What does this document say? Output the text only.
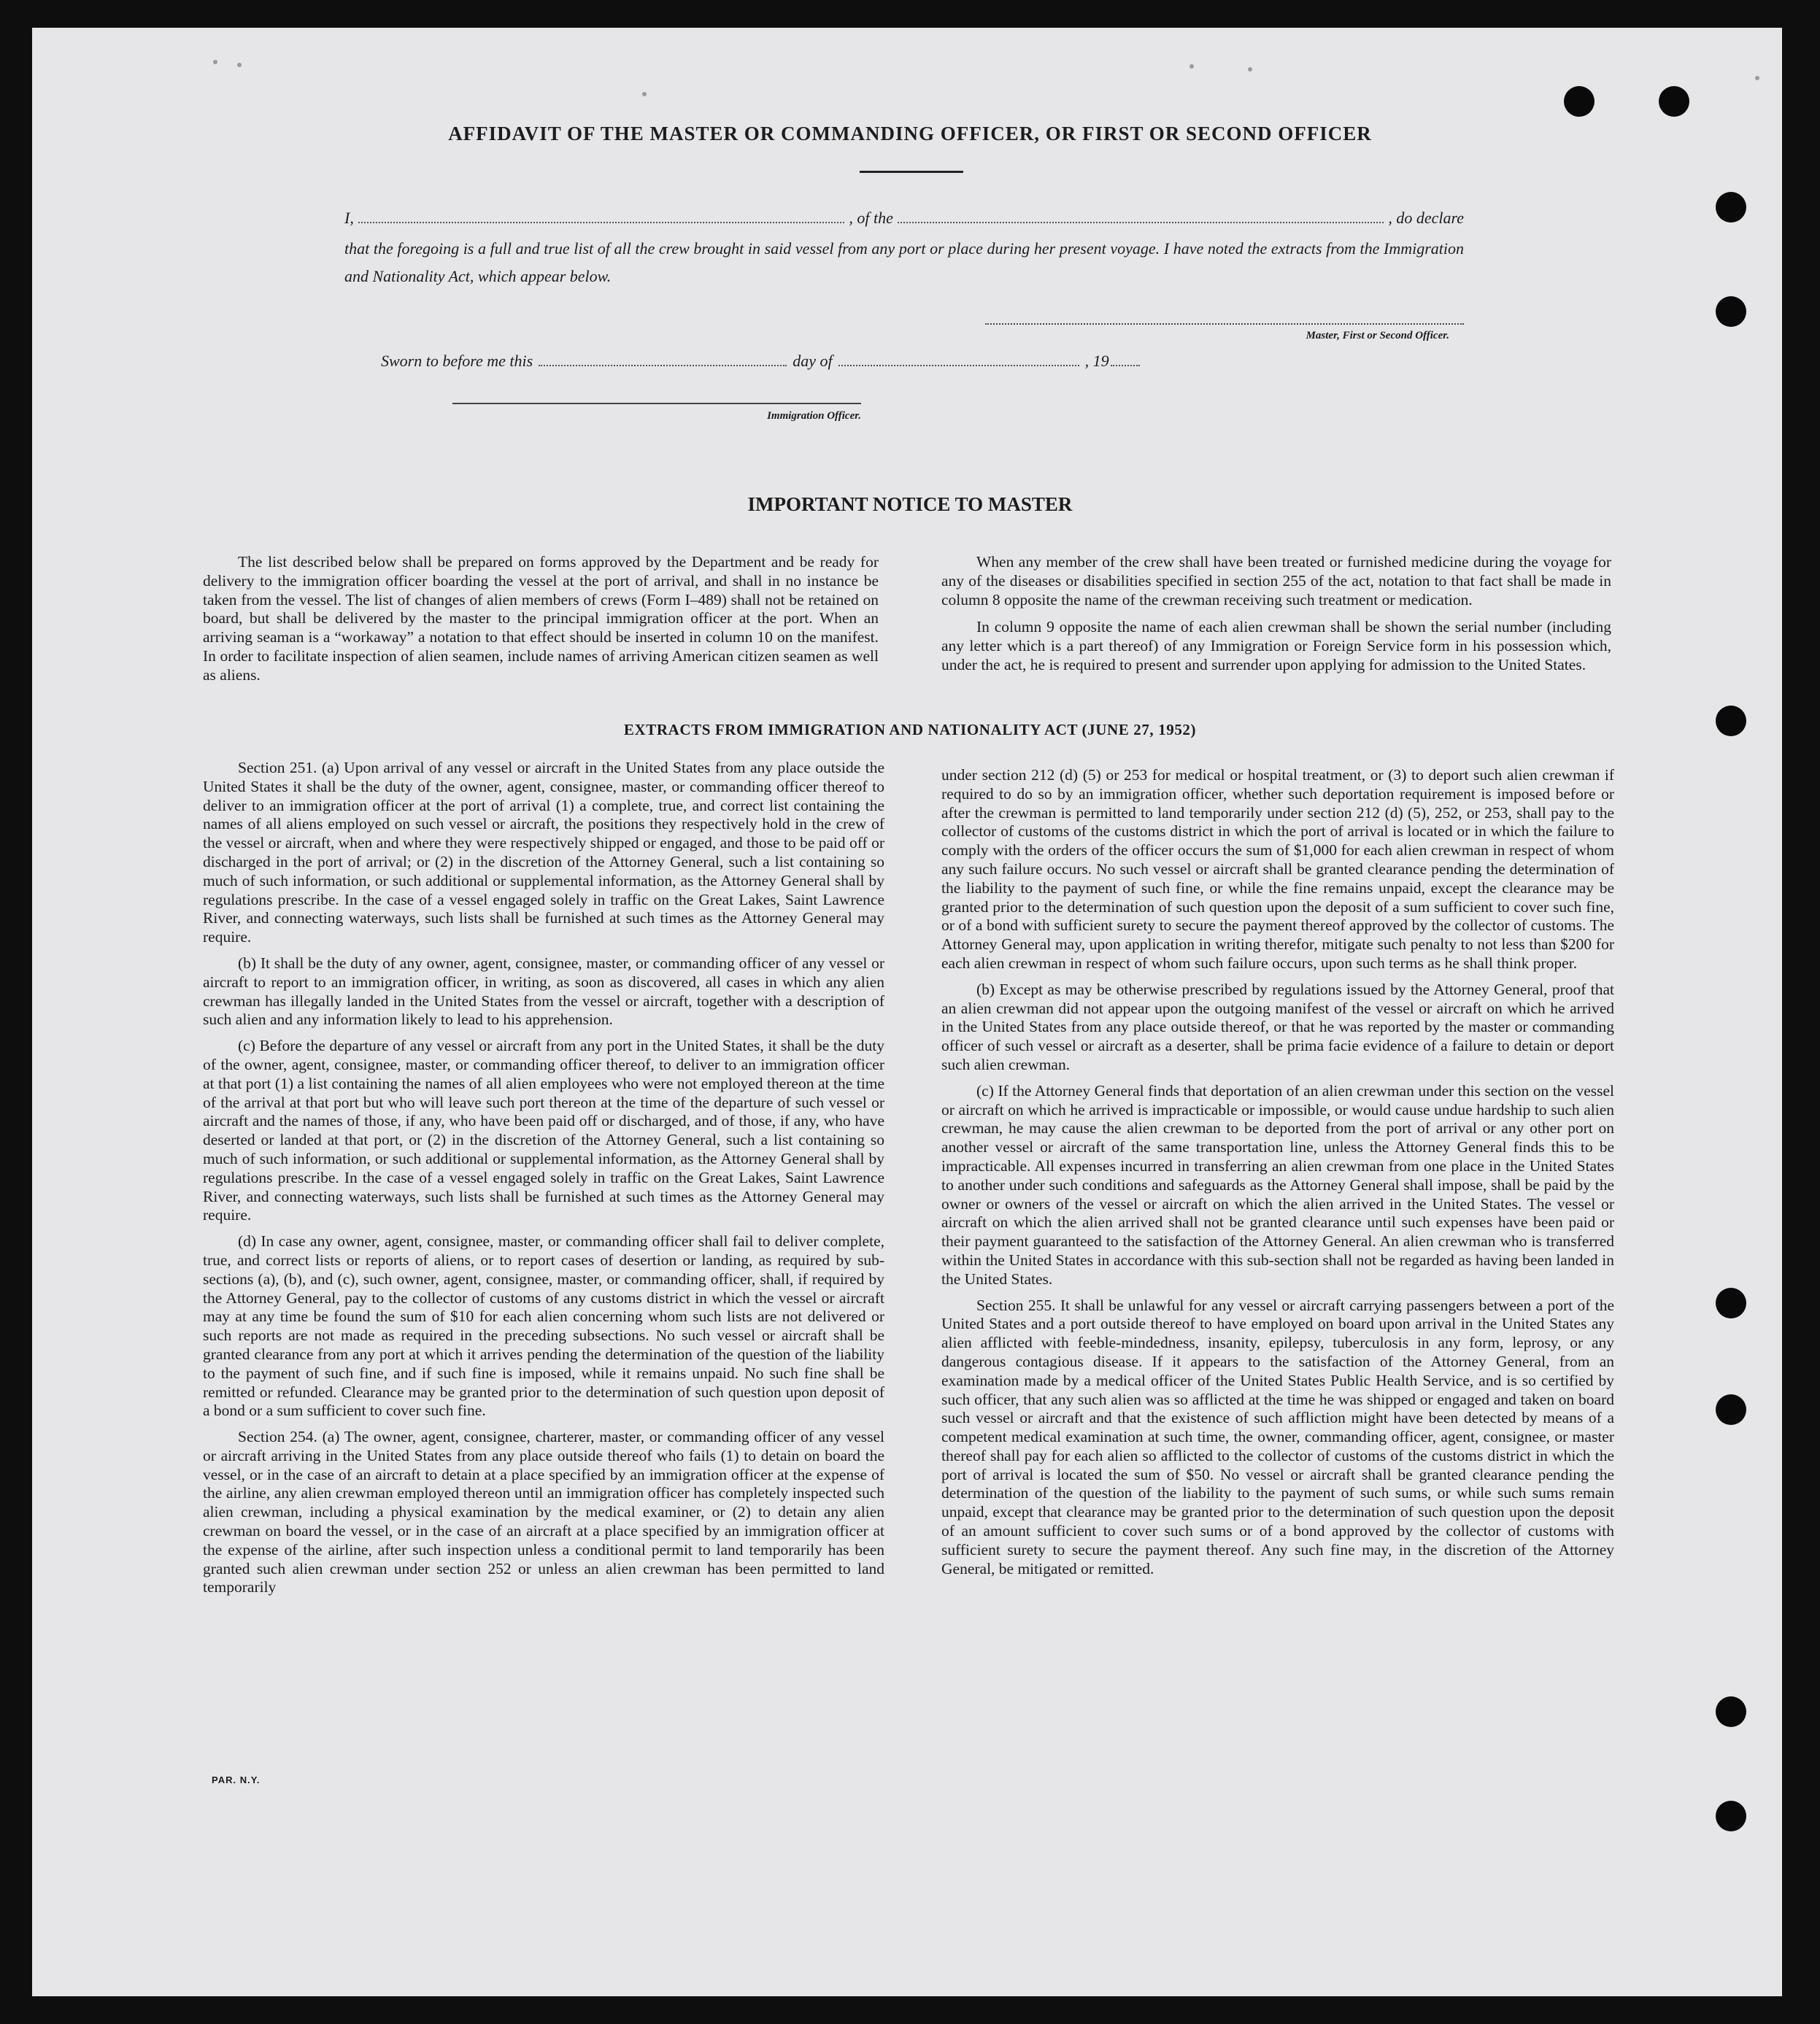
AFFIDAVIT OF THE MASTER OR COMMANDING OFFICER, OR FIRST OR SECOND OFFICER
I,	, of the	, do declare
that the foregoing is a full and true list of all the crew brought in said vessel from any port or place during her present voyage. I have noted the extracts from the Immigration and Nationality Act, which appear below.
Master, First or Second Officer.
Sworn to before me this	day of	, 19
Immigration Officer.
IMPORTANT NOTICE TO MASTER

The list described below shall be prepared on forms approved by the Department and be ready for delivery to the immigration officer boarding the vessel at the port of arrival, and shall in no instance be taken from the vessel. The list of changes of alien members of crews (Form I–489) shall not be retained on board, but shall be delivered by the master to the principal immigration officer at the port. When an arriving seaman is a “workaway” a notation to that effect should be inserted in column 10 on the manifest. In order to facilitate inspection of alien seamen, include names of arriving American citizen seamen as well as aliens.

When any member of the crew shall have been treated or furnished medicine during the voyage for any of the diseases or disabilities specified in section 255 of the act, notation to that fact shall be made in column 8 opposite the name of the crewman receiving such treatment or medication.

In column 9 opposite the name of each alien crewman shall be shown the serial number (including any letter which is a part thereof) of any Immigration or Foreign Service form in his possession which, under the act, he is required to present and surrender upon applying for admission to the United States.

EXTRACTS FROM IMMIGRATION AND NATIONALITY ACT (JUNE 27, 1952)

Section 251. (a) Upon arrival of any vessel or aircraft in the United States from any place outside the United States it shall be the duty of the owner, agent, consignee, master, or commanding officer thereof to deliver to an immigration officer at the port of arrival (1) a complete, true, and correct list containing the names of all aliens employed on such vessel or aircraft, the positions they respectively hold in the crew of the vessel or aircraft, when and where they were respectively shipped or engaged, and those to be paid off or discharged in the port of arrival; or (2) in the discretion of the Attorney General, such a list containing so much of such information, or such additional or supplemental information, as the Attorney General shall by regulations prescribe. In the case of a vessel engaged solely in traffic on the Great Lakes, Saint Lawrence River, and connecting waterways, such lists shall be furnished at such times as the Attorney General may require.

(b) It shall be the duty of any owner, agent, consignee, master, or commanding officer of any vessel or aircraft to report to an immigration officer, in writing, as soon as discovered, all cases in which any alien crewman has illegally landed in the United States from the vessel or aircraft, together with a description of such alien and any information likely to lead to his apprehension.

(c) Before the departure of any vessel or aircraft from any port in the United States, it shall be the duty of the owner, agent, consignee, master, or commanding officer thereof, to deliver to an immigration officer at that port (1) a list containing the names of all alien employees who were not employed thereon at the time of the arrival at that port but who will leave such port thereon at the time of the departure of such vessel or aircraft and the names of those, if any, who have been paid off or discharged, and of those, if any, who have deserted or landed at that port, or (2) in the discretion of the Attorney General, such a list containing so much of such information, or such additional or supplemental information, as the Attorney General shall by regulations prescribe. In the case of a vessel engaged solely in traffic on the Great Lakes, Saint Lawrence River, and connecting waterways, such lists shall be furnished at such times as the Attorney General may require.

(d) In case any owner, agent, consignee, master, or commanding officer shall fail to deliver complete, true, and correct lists or reports of aliens, or to report cases of desertion or landing, as required by sub-sections (a), (b), and (c), such owner, agent, consignee, master, or commanding officer, shall, if required by the Attorney General, pay to the collector of customs of any customs district in which the vessel or aircraft may at any time be found the sum of $10 for each alien concerning whom such lists are not delivered or such reports are not made as required in the preceding subsections. No such vessel or aircraft shall be granted clearance from any port at which it arrives pending the determination of the question of the liability to the payment of such fine, and if such fine is imposed, while it remains unpaid. No such fine shall be remitted or refunded. Clearance may be granted prior to the determination of such question upon deposit of a bond or a sum sufficient to cover such fine.

Section 254. (a) The owner, agent, consignee, charterer, master, or commanding officer of any vessel or aircraft arriving in the United States from any place outside thereof who fails (1) to detain on board the vessel, or in the case of an aircraft to detain at a place specified by an immigration officer at the expense of the airline, any alien crewman employed thereon until an immigration officer has completely inspected such alien crewman, including a physical examination by the medical examiner, or (2) to detain any alien crewman on board the vessel, or in the case of an aircraft at a place specified by an immigration officer at the expense of the airline, after such inspection unless a conditional permit to land temporarily has been granted such alien crewman under section 252 or unless an alien crewman has been permitted to land temporarily

under section 212 (d) (5) or 253 for medical or hospital treatment, or (3) to deport such alien crewman if required to do so by an immigration officer, whether such deportation requirement is imposed before or after the crewman is permitted to land temporarily under section 212 (d) (5), 252, or 253, shall pay to the collector of customs of the customs district in which the port of arrival is located or in which the failure to comply with the orders of the officer occurs the sum of $1,000 for each alien crewman in respect of whom any such failure occurs. No such vessel or aircraft shall be granted clearance pending the determination of the liability to the payment of such fine, or while the fine remains unpaid, except the clearance may be granted prior to the determination of such question upon the deposit of a sum sufficient to cover such fine, or of a bond with sufficient surety to secure the payment thereof approved by the collector of customs. The Attorney General may, upon application in writing therefor, mitigate such penalty to not less than $200 for each alien crewman in respect of whom such failure occurs, upon such terms as he shall think proper.

(b) Except as may be otherwise prescribed by regulations issued by the Attorney General, proof that an alien crewman did not appear upon the outgoing manifest of the vessel or aircraft on which he arrived in the United States from any place outside thereof, or that he was reported by the master or commanding officer of such vessel or aircraft as a deserter, shall be prima facie evidence of a failure to detain or deport such alien crewman.

(c) If the Attorney General finds that deportation of an alien crewman under this section on the vessel or aircraft on which he arrived is impracticable or impossible, or would cause undue hardship to such alien crewman, he may cause the alien crewman to be deported from the port of arrival or any other port on another vessel or aircraft of the same transportation line, unless the Attorney General finds this to be impracticable. All expenses incurred in transferring an alien crewman from one place in the United States to another under such conditions and safeguards as the Attorney General shall impose, shall be paid by the owner or owners of the vessel or aircraft on which the alien arrived in the United States. The vessel or aircraft on which the alien arrived shall not be granted clearance until such expenses have been paid or their payment guaranteed to the satisfaction of the Attorney General. An alien crewman who is transferred within the United States in accordance with this sub-section shall not be regarded as having been landed in the United States.

Section 255. It shall be unlawful for any vessel or aircraft carrying passengers between a port of the United States and a port outside thereof to have employed on board upon arrival in the United States any alien afflicted with feeble-mindedness, insanity, epilepsy, tuberculosis in any form, leprosy, or any dangerous contagious disease. If it appears to the satisfaction of the Attorney General, from an examination made by a medical officer of the United States Public Health Service, and is so certified by such officer, that any such alien was so afflicted at the time he was shipped or engaged and taken on board such vessel or aircraft and that the existence of such affliction might have been detected by means of a competent medical examination at such time, the owner, commanding officer, agent, consignee, or master thereof shall pay for each alien so afflicted to the collector of customs of the customs district in which the port of arrival is located the sum of $50. No vessel or aircraft shall be granted clearance pending the determination of the question of the liability to the payment of such sums, or while such sums remain unpaid, except that clearance may be granted prior to the determination of such question upon the deposit of an amount sufficient to cover such sums or of a bond approved by the collector of customs with sufficient surety to secure the payment thereof. Any such fine may, in the discretion of the Attorney General, be mitigated or remitted.

PAR. N.Y.
